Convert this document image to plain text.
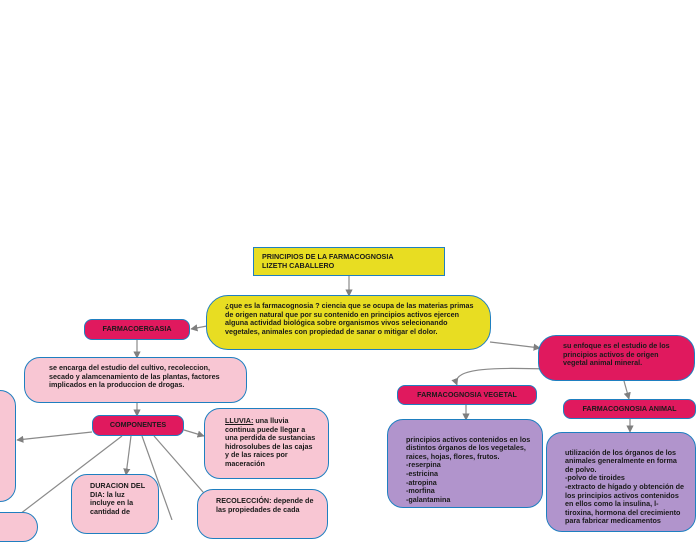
PRINCIPIOS DE LA FARMACOGNOSIA
LIZETH CABALLERO
¿que es la farmacognosia ? ciencia que se ocupa de las materias primas de origen natural que por su contenido en principios activos ejercen alguna actividad biológica sobre organismos vivos selecionando vegetales, animales con propiedad de sanar o mitigar el dolor.
FARMACOERGASIA
se encarga del estudio del cultivo, recoleccion, secado y alamcenamiento de las plantas, factores implicados en la produccion de drogas.
COMPONENTES	LLUVIA: una lluvia continua puede llegar a una perdida de sustancias hidrosolubes de las cajas y de las raices por maceración
DURACION DEL DIA: la luz incluye en la cantidad de
RECOLECCIÓN: depende de las propiedades de cada
su enfoque es el estudio de los principios activos de origen vegetal animal mineral.
FARMACOGNOSIA VEGETAL
FARMACOGNOSIA ANIMAL

principios activos contenidos en los distintos órganos de los vegetales, raices, hojas, flores, frutos.
-reserpina
-estricina
-atropina
-morfina
-galantamina

utilización de los órganos de los animales generalmente en forma de polvo.
-polvo de tiroides
-extracto de hígado y obtención de los principios activos contenidos en ellos como la insulina, l-tiroxina, hormona del crecimiento para fabricar medicamentos
